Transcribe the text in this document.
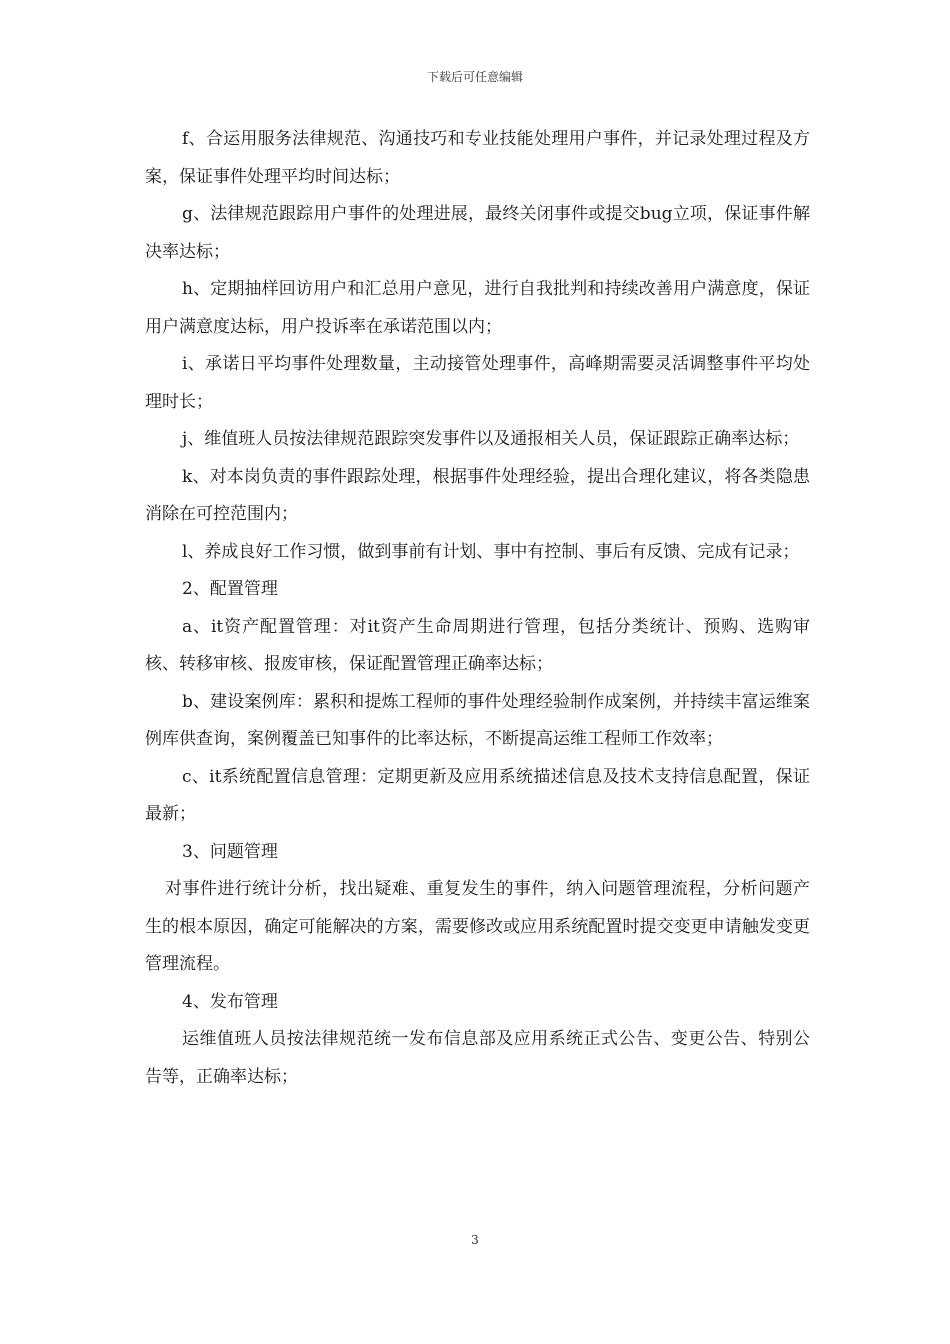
下载后可任意编辑

f、合运用服务法律规范、沟通技巧和专业技能处理用户事件，并记录处理过程及方案，保证事件处理平均时间达标；

g、法律规范跟踪用户事件的处理进展，最终关闭事件或提交bug立项，保证事件解决率达标；

h、定期抽样回访用户和汇总用户意见，进行自我批判和持续改善用户满意度，保证用户满意度达标，用户投诉率在承诺范围以内；

i、承诺日平均事件处理数量，主动接管处理事件，高峰期需要灵活调整事件平均处理时长；

j、维值班人员按法律规范跟踪突发事件以及通报相关人员，保证跟踪正确率达标；

k、对本岗负责的事件跟踪处理，根据事件处理经验，提出合理化建议，将各类隐患消除在可控范围内；

l、养成良好工作习惯，做到事前有计划、事中有控制、事后有反馈、完成有记录；

2、配置管理

a、it资产配置管理：对it资产生命周期进行管理，包括分类统计、预购、选购审核、转移审核、报废审核，保证配置管理正确率达标；

b、建设案例库：累积和提炼工程师的事件处理经验制作成案例，并持续丰富运维案例库供查询，案例覆盖已知事件的比率达标，不断提高运维工程师工作效率；

c、it系统配置信息管理：定期更新及应用系统描述信息及技术支持信息配置，保证最新；

3、问题管理

对事件进行统计分析，找出疑难、重复发生的事件，纳入问题管理流程，分析问题产生的根本原因，确定可能解决的方案，需要修改或应用系统配置时提交变更申请触发变更管理流程。

4、发布管理

运维值班人员按法律规范统一发布信息部及应用系统正式公告、变更公告、特别公告等，正确率达标；

3
